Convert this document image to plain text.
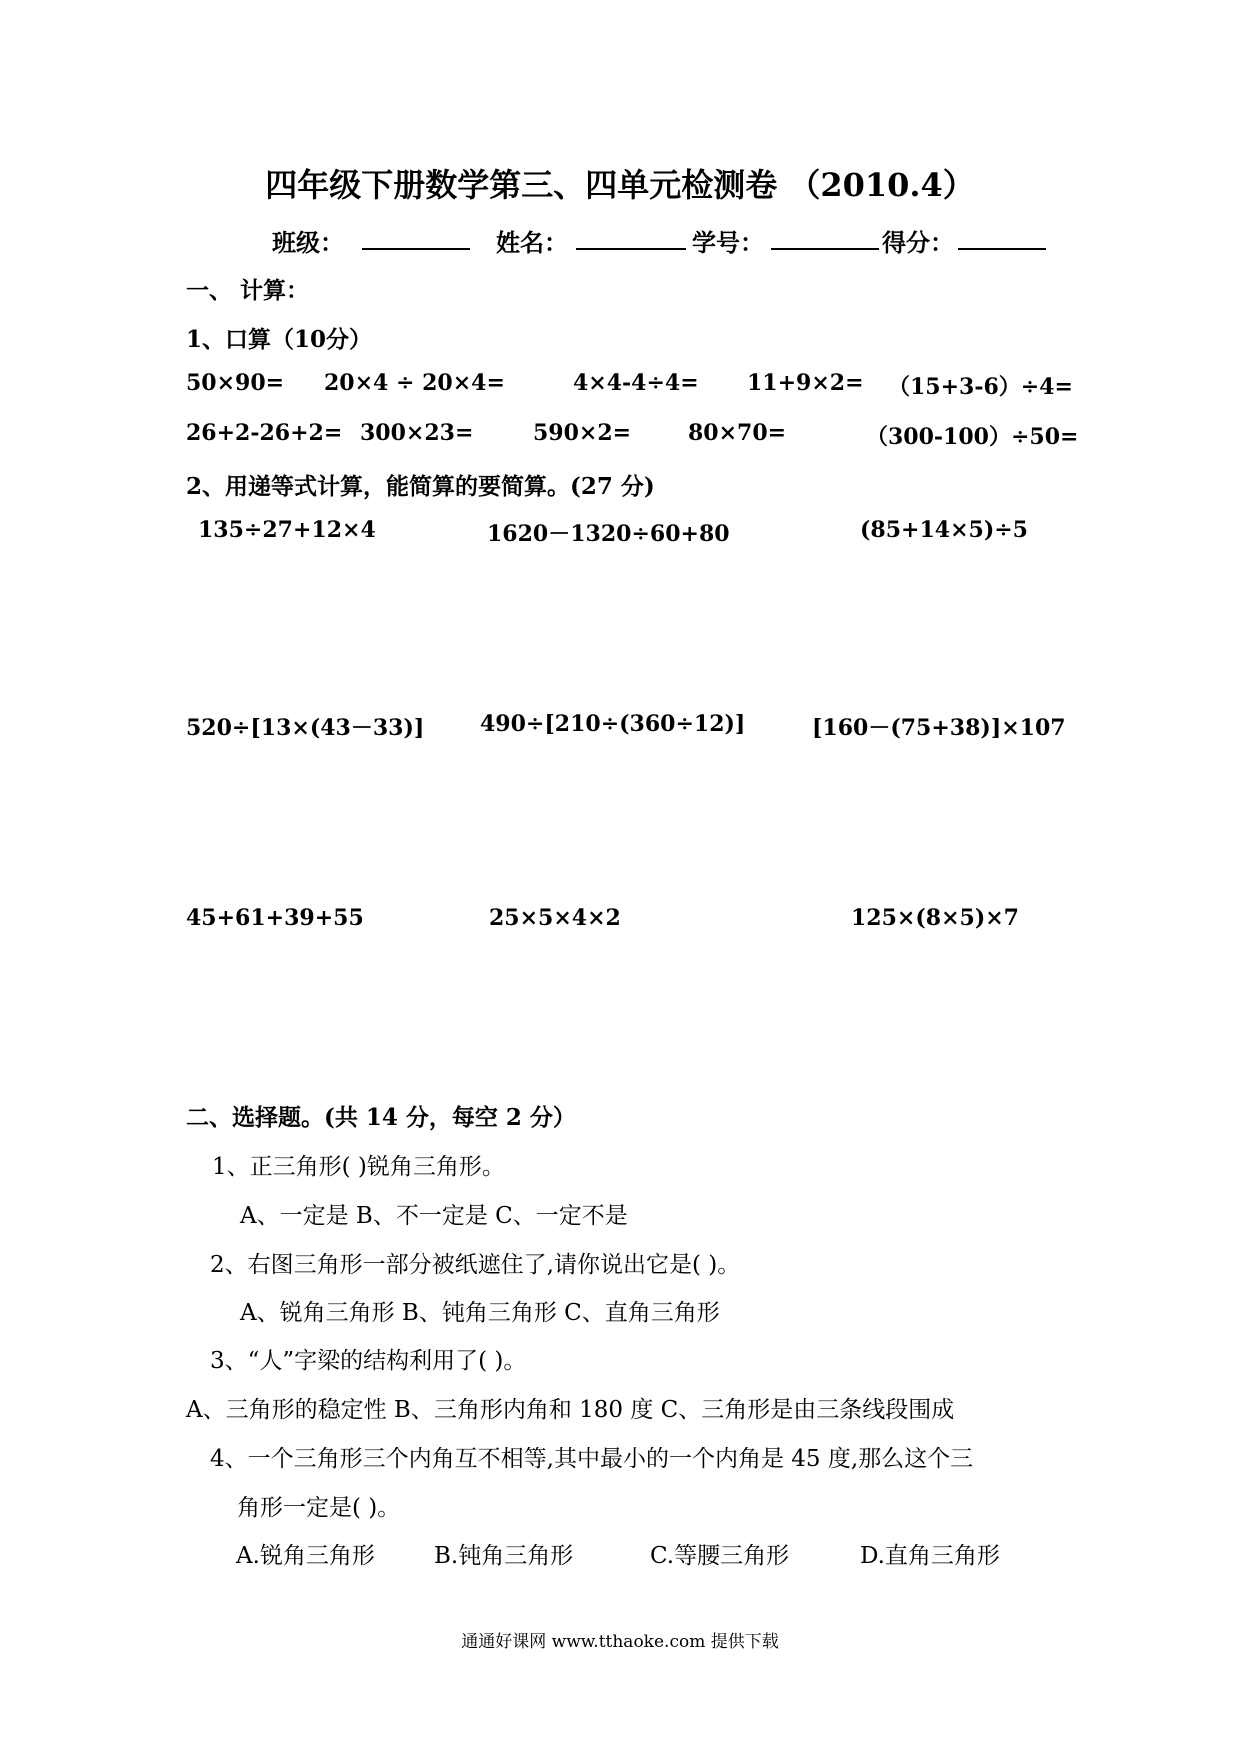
四年级下册数学第三、四单元检测卷 （2010.4）
班级：	姓名：	学号：	得分：
一、 计算：
1、口算（10分）
50×90= 20×4 ÷ 20×4=	4×4-4÷4= 11+9×2= （15+3-6）÷4=
26+2-26+2= 300×23=	590×2=	80×70=	（300-100）÷50=
2、用递等式计算，能简算的要简算。(27 分)
135÷27+12×4	1620－1320÷60+80	(85+14×5)÷5
520÷[13×(43－33)]	490÷[210÷(360÷12)]	[160－(75+38)]×107
45+61+39+55	25×5×4×2	125×(8×5)×7
二、选择题。(共 14 分，每空 2 分）
1、正三角形( )锐角三角形。
A、一定是 B、不一定是 C、一定不是
2、右图三角形一部分被纸遮住了,请你说出它是( )。
A、锐角三角形 B、钝角三角形 C、直角三角形
3、“人”字梁的结构利用了( )。
A、三角形的稳定性 B、三角形内角和 180 度 C、三角形是由三条线段围成
4、一个三角形三个内角互不相等,其中最小的一个内角是 45 度,那么这个三
角形一定是( )。
A.锐角三角形	B.钝角三角形	C.等腰三角形	D.直角三角形
通通好课网 www.tthaoke.com 提供下载
